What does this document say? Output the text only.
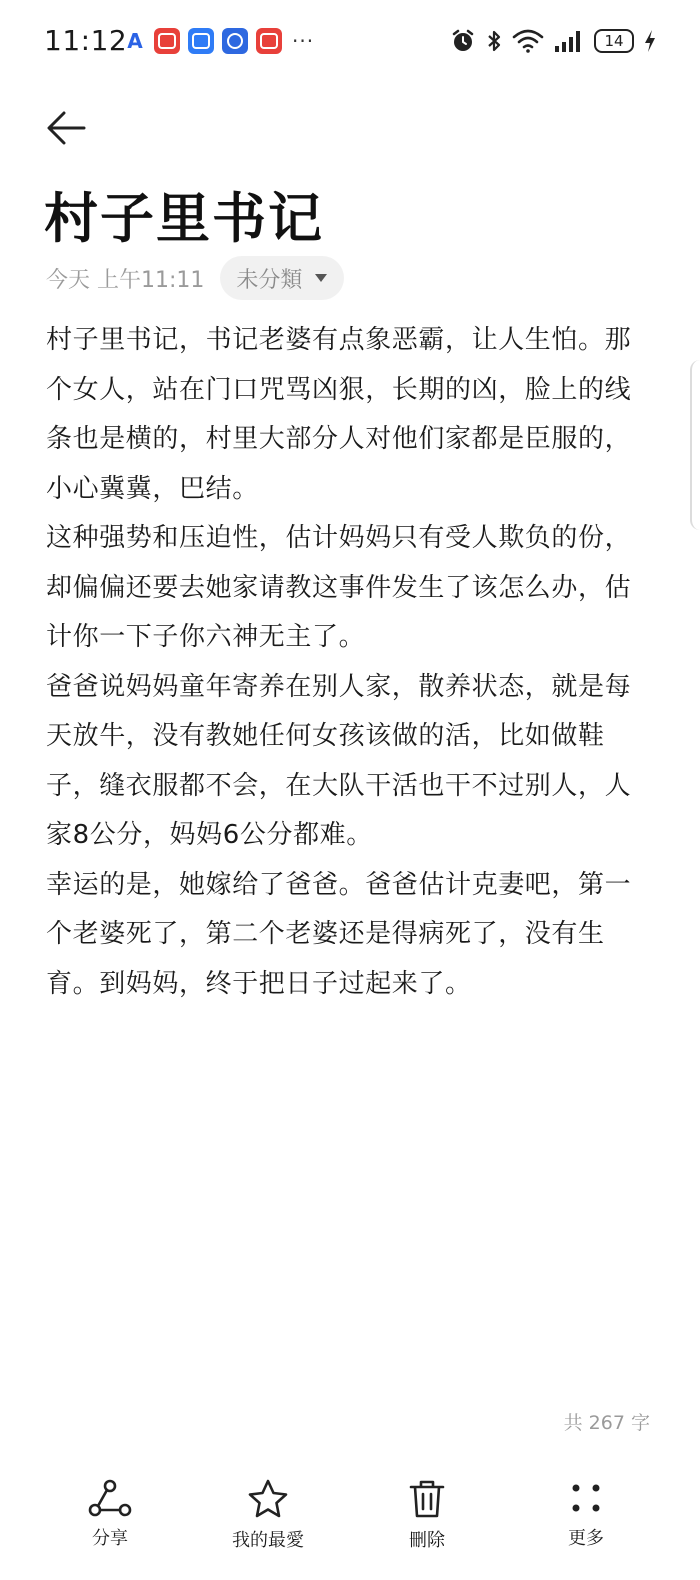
11:12 A	···	14
村子里书记
今天 上午11:11 未分類

村子里书记，书记老婆有点象恶霸，让人生怕。那个女人，站在门口咒骂凶狠，长期的凶，脸上的线条也是横的，村里大部分人对他们家都是臣服的，小心冀冀，巴结。

这种强势和压迫性，估计妈妈只有受人欺负的份，却偏偏还要去她家请教这事件发生了该怎么办，估计你一下子你六神无主了。

爸爸说妈妈童年寄养在别人家，散养状态，就是每天放牛，没有教她任何女孩该做的活，比如做鞋子，缝衣服都不会，在大队干活也干不过别人，人家8公分，妈妈6公分都难。

幸运的是，她嫁给了爸爸。爸爸估计克妻吧，第一个老婆死了，第二个老婆还是得病死了，没有生育。到妈妈，终于把日子过起来了。

共 267 字
分享	我的最愛	刪除	更多
